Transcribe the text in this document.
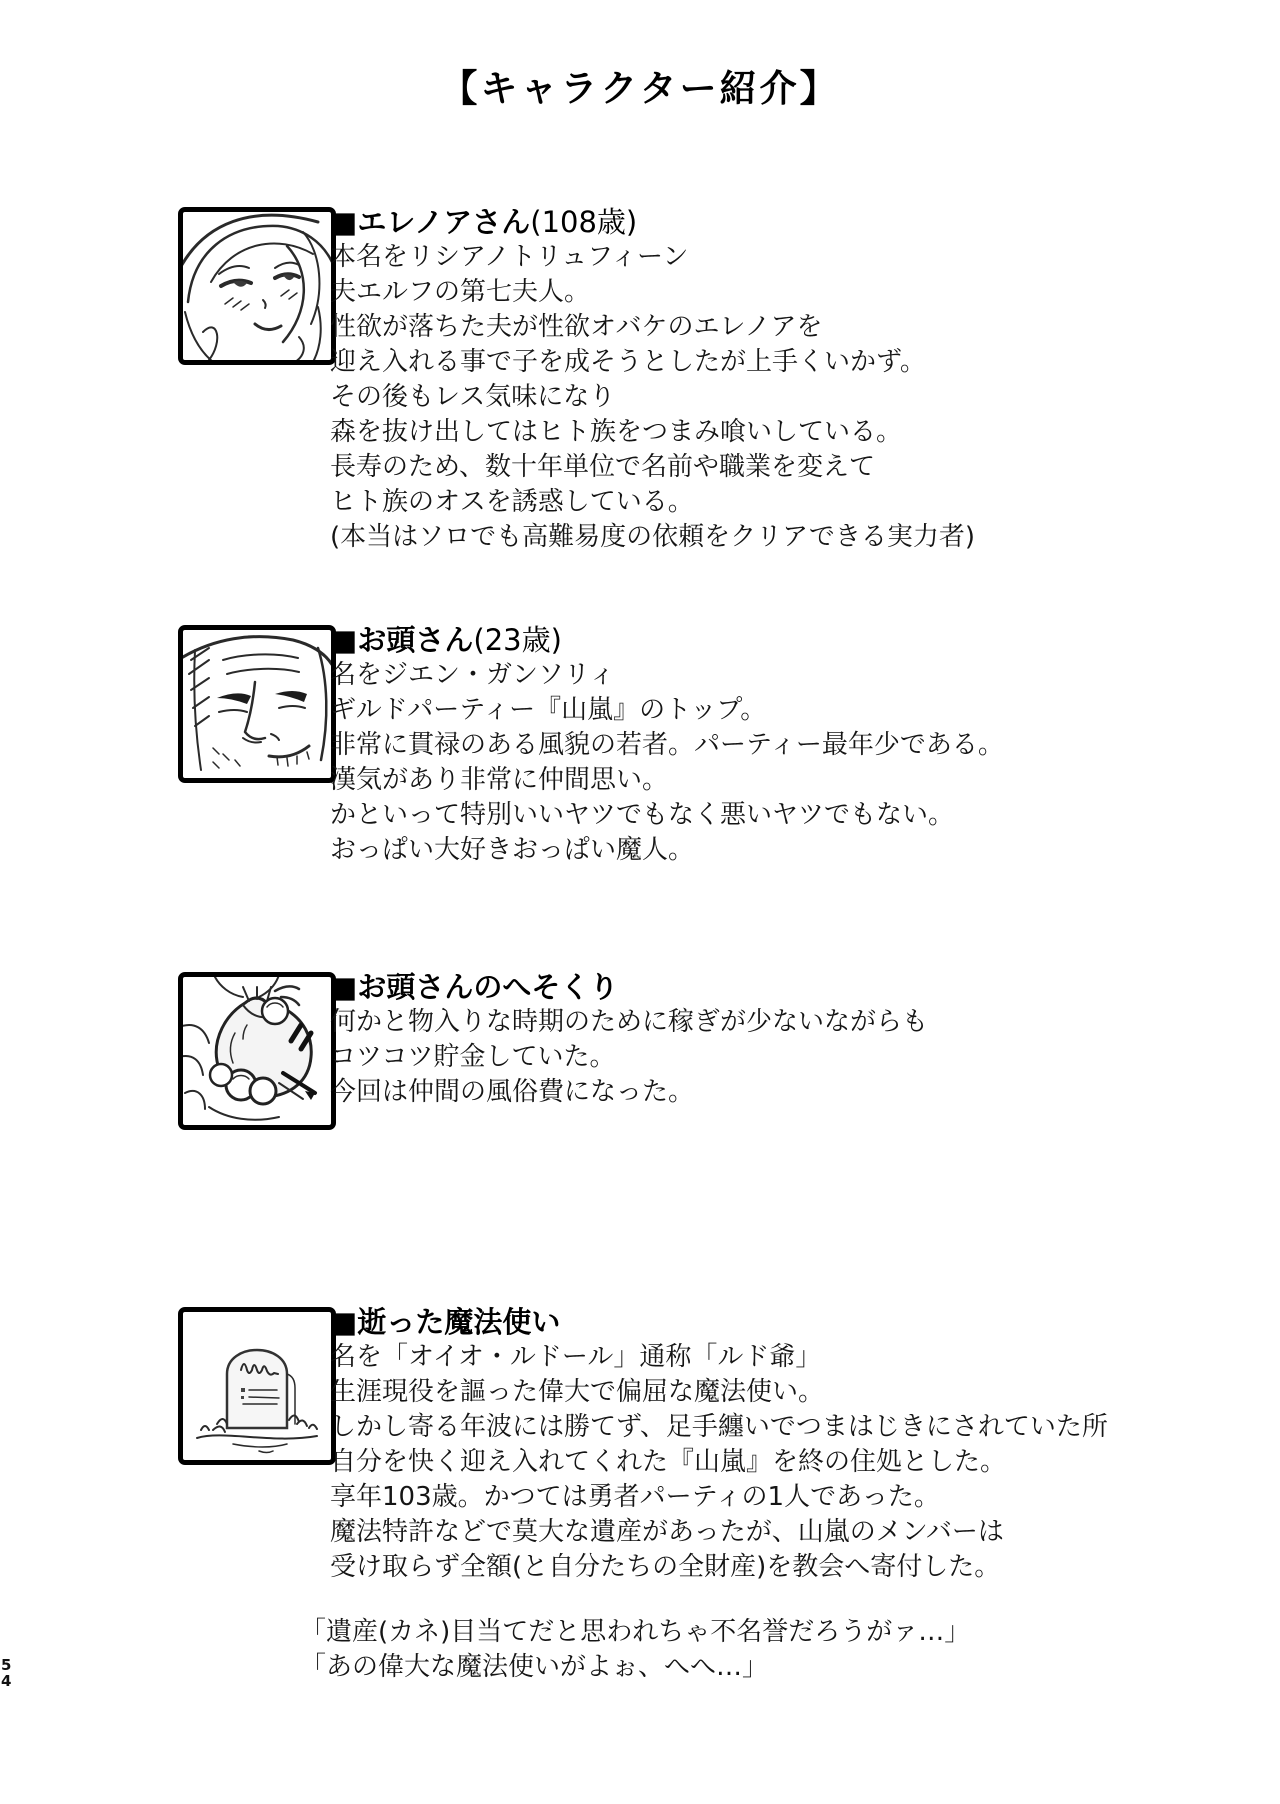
【キャラクター紹介】
■エレノアさん(108歳)
本名をリシアノトリュフィーン
夫エルフの第七夫人。
性欲が落ちた夫が性欲オバケのエレノアを
迎え入れる事で子を成そうとしたが上手くいかず。
その後もレス気味になり
森を抜け出してはヒト族をつまみ喰いしている。
長寿のため、数十年単位で名前や職業を変えて
ヒト族のオスを誘惑している。
(本当はソロでも高難易度の依頼をクリアできる実力者)
■お頭さん(23歳)
名をジエン・ガンソリィ
ギルドパーティー『山嵐』のトップ。
非常に貫禄のある風貌の若者。パーティー最年少である。
漢気があり非常に仲間思い。
かといって特別いいヤツでもなく悪いヤツでもない。
おっぱい大好きおっぱい魔人。
■お頭さんのへそくり
何かと物入りな時期のために稼ぎが少ないながらも
コツコツ貯金していた。
今回は仲間の風俗費になった。
■逝った魔法使い
名を「オイオ・ルドール」通称「ルド爺」
生涯現役を謳った偉大で偏屈な魔法使い。
しかし寄る年波には勝てず、足手纏いでつまはじきにされていた所
自分を快く迎え入れてくれた『山嵐』を終の住処とした。
享年103歳。かつては勇者パーティの1人であった。
魔法特許などで莫大な遺産があったが、山嵐のメンバーは
受け取らず全額(と自分たちの全財産)を教会へ寄付した。
「遺産(カネ)目当てだと思われちゃ不名誉だろうがァ…」
「あの偉大な魔法使いがよぉ、へへ…」
5
4
